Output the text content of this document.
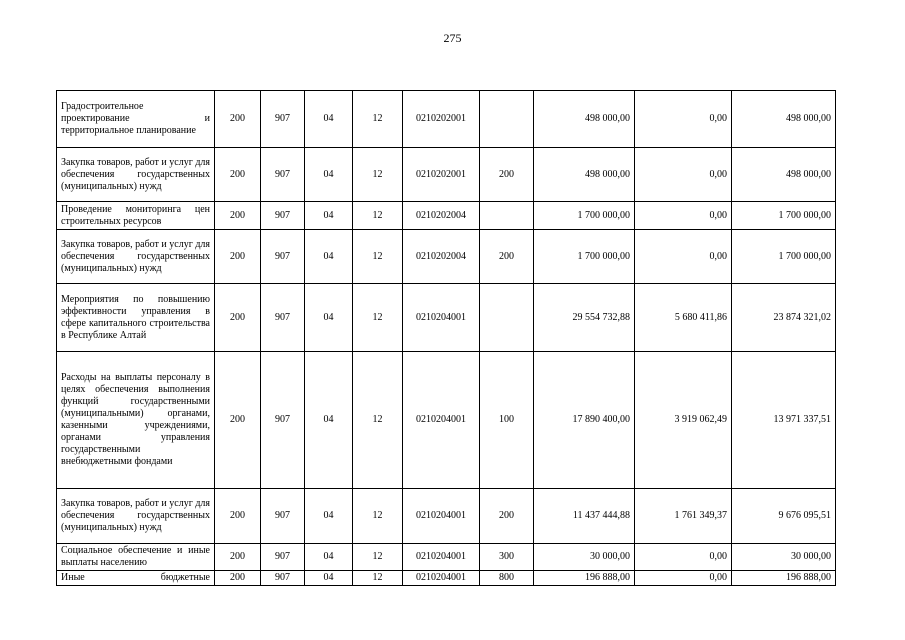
275
Градостроительное проектирование и территориальное планирование	200	907	04	12	0210202001		498 000,00	0,00	498 000,00
Закупка товаров, работ и услуг для обеспечения государственных (муниципальных) нужд	200	907	04	12	0210202001	200	498 000,00	0,00	498 000,00
Проведение мониторинга цен строительных ресурсов	200	907	04	12	0210202004		1 700 000,00	0,00	1 700 000,00
Закупка товаров, работ и услуг для обеспечения государственных (муниципальных) нужд	200	907	04	12	0210202004	200	1 700 000,00	0,00	1 700 000,00
Мероприятия по повышению эффективности управления в сфере капитального строительства в Республике Алтай	200	907	04	12	0210204001		29 554 732,88	5 680 411,86	23 874 321,02
Расходы на выплаты персоналу в целях обеспечения выполнения функций государственными (муниципальными) органами, казенными учреждениями, органами управления государственными внебюджетными фондами	200	907	04	12	0210204001	100	17 890 400,00	3 919 062,49	13 971 337,51
Закупка товаров, работ и услуг для обеспечения государственных (муниципальных) нужд	200	907	04	12	0210204001	200	11 437 444,88	1 761 349,37	9 676 095,51
Социальное обеспечение и иные выплаты населению	200	907	04	12	0210204001	300	30 000,00	0,00	30 000,00
Иные бюджетные	200	907	04	12	0210204001	800	196 888,00	0,00	196 888,00
